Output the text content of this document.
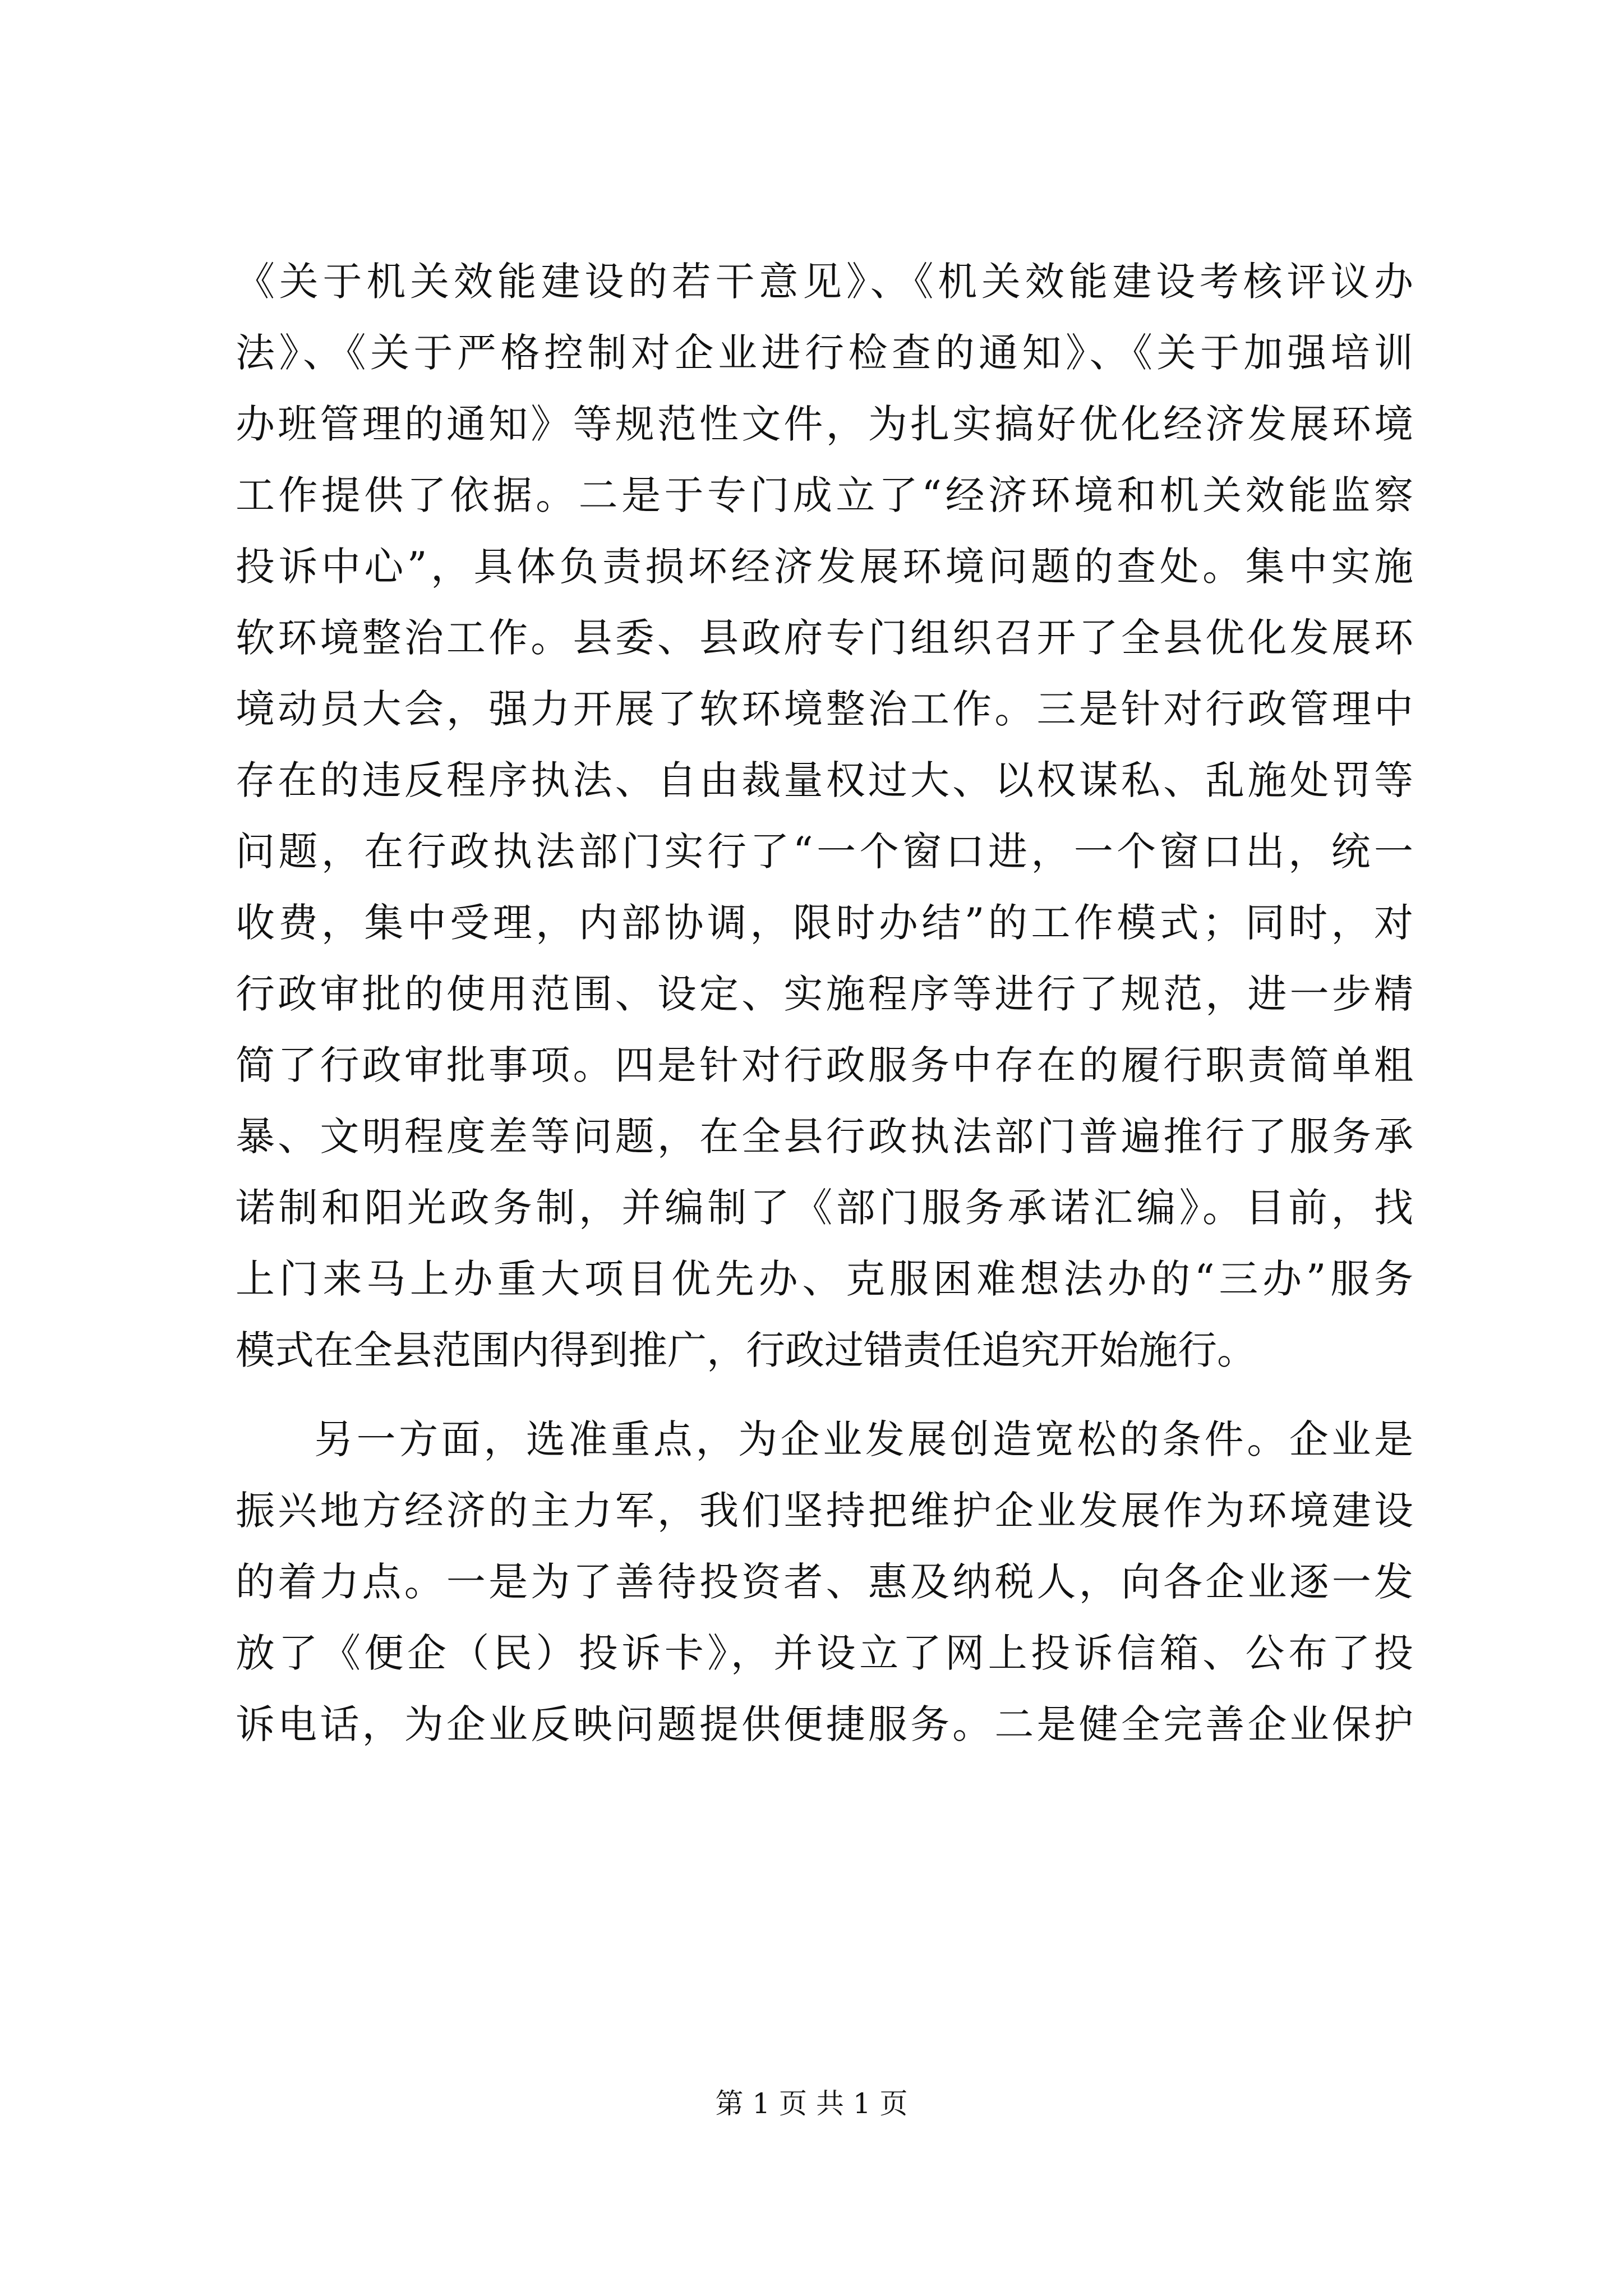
《关于机关效能建设的若干意见》、《机关效能建设考核评议办
法》、《关于严格控制对企业进行检查的通知》、《关于加强培训
办班管理的通知》等规范性文件，为扎实搞好优化经济发展环境
工作提供了依据。二是于专门成立了“经济环境和机关效能监察
投诉中心”，具体负责损坏经济发展环境问题的查处。集中实施
软环境整治工作。县委、县政府专门组织召开了全县优化发展环
境动员大会，强力开展了软环境整治工作。三是针对行政管理中
存在的违反程序执法、自由裁量权过大、以权谋私、乱施处罚等
问题，在行政执法部门实行了“一个窗口进，一个窗口出，统一
收费，集中受理，内部协调，限时办结”的工作模式；同时，对
行政审批的使用范围、设定、实施程序等进行了规范，进一步精
简了行政审批事项。四是针对行政服务中存在的履行职责简单粗
暴、文明程度差等问题，在全县行政执法部门普遍推行了服务承
诺制和阳光政务制，并编制了《部门服务承诺汇编》。目前，找
上门来马上办重大项目优先办、克服困难想法办的“三办”服务
模式在全县范围内得到推广，行政过错责任追究开始施行。
另一方面，选准重点，为企业发展创造宽松的条件。企业是
振兴地方经济的主力军，我们坚持把维护企业发展作为环境建设
的着力点。一是为了善待投资者、惠及纳税人，向各企业逐一发
放了《便企（民）投诉卡》，并设立了网上投诉信箱、公布了投
诉电话，为企业反映问题提供便捷服务。二是健全完善企业保护
第 1 页 共 1 页
